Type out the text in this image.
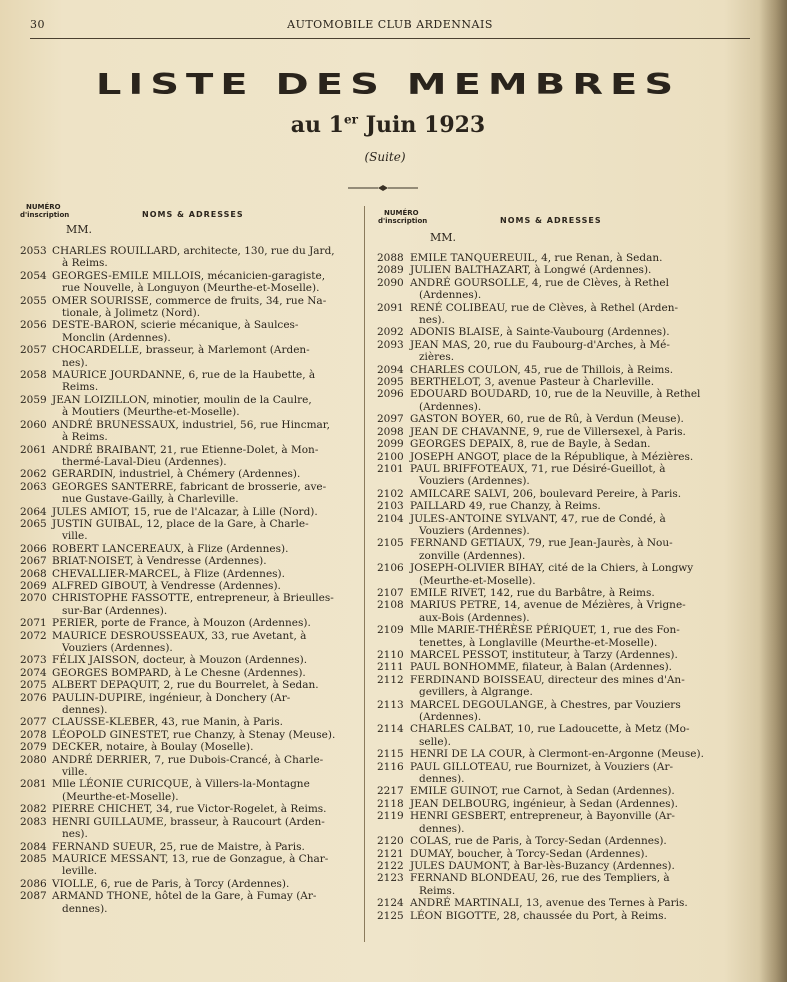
30	AUTOMOBILE CLUB ARDENNAIS
LISTE DES MEMBRES
au 1er Juin 1923
(Suite)
NUMÉRO
d'inscription	NOMS & ADRESSES
MM.
NUMÉRO
d'inscription	NOMS & ADRESSES
MM.
2053 CHARLES ROUILLARD, architecte, 130, rue du Jard,
à Reims.
2054 GEORGES-EMILE MILLOIS, mécanicien-garagiste,
rue Nouvelle, à Longuyon (Meurthe-et-Moselle).
2055 OMER SOURISSE, commerce de fruits, 34, rue Na-
tionale, à Jolimetz (Nord).
2056 DESTE-BARON, scierie mécanique, à Saulces-
Monclin (Ardennes).
2057 CHOCARDELLE, brasseur, à Marlemont (Arden-
nes).
2058 MAURICE JOURDANNE, 6, rue de la Haubette, à
Reims.
2059 JEAN LOIZILLON, minotier, moulin de la Caulre,
à Moutiers (Meurthe-et-Moselle).
2060 ANDRÉ BRUNESSAUX, industriel, 56, rue Hincmar,
à Reims.
2061 ANDRÉ BRAIBANT, 21, rue Etienne-Dolet, à Mon-
thermé-Laval-Dieu (Ardennes).
2062 GERARDIN, industriel, à Chémery (Ardennes).
2063 GEORGES SANTERRE, fabricant de brosserie, ave-
nue Gustave-Gailly, à Charleville.
2064 JULES AMIOT, 15, rue de l'Alcazar, à Lille (Nord).
2065 JUSTIN GUIBAL, 12, place de la Gare, à Charle-
ville.
2066 ROBERT LANCEREAUX, à Flize (Ardennes).
2067 BRIAT-NOISET, à Vendresse (Ardennes).
2068 CHEVALLIER-MARCEL, à Flize (Ardennes).
2069 ALFRED GIBOUT, à Vendresse (Ardennes).
2070 CHRISTOPHE FASSOTTE, entrepreneur, à Brieulles-
sur-Bar (Ardennes).
2071 PERIER, porte de France, à Mouzon (Ardennes).
2072 MAURICE DESROUSSEAUX, 33, rue Avetant, à
Vouziers (Ardennes).
2073 FÉLIX JAISSON, docteur, à Mouzon (Ardennes).
2074 GEORGES BOMPARD, à Le Chesne (Ardennes).
2075 ALBERT DEPAQUIT, 2, rue du Bourrelet, à Sedan.
2076 PAULIN-DUPIRE, ingénieur, à Donchery (Ar-
dennes).
2077 CLAUSSE-KLEBER, 43, rue Manin, à Paris.
2078 LÉOPOLD GINESTET, rue Chanzy, à Stenay (Meuse).
2079 DECKER, notaire, à Boulay (Moselle).
2080 ANDRÉ DERRIER, 7, rue Dubois-Crancé, à Charle-
ville.
2081 Mlle LÉONIE CURICQUE, à Villers-la-Montagne
(Meurthe-et-Moselle).
2082 PIERRE CHICHET, 34, rue Victor-Rogelet, à Reims.
2083 HENRI GUILLAUME, brasseur, à Raucourt (Arden-
nes).
2084 FERNAND SUEUR, 25, rue de Maistre, à Paris.
2085 MAURICE MESSANT, 13, rue de Gonzague, à Char-
leville.
2086 VIOLLE, 6, rue de Paris, à Torcy (Ardennes).
2087 ARMAND THONE, hôtel de la Gare, à Fumay (Ar-
dennes).
2088 EMILE TANQUEREUIL, 4, rue Renan, à Sedan.
2089 JULIEN BALTHAZART, à Longwé (Ardennes).
2090 ANDRÉ GOURSOLLE, 4, rue de Clèves, à Rethel
(Ardennes).
2091 RENÉ COLIBEAU, rue de Clèves, à Rethel (Arden-
nes).
2092 ADONIS BLAISE, à Sainte-Vaubourg (Ardennes).
2093 JEAN MAS, 20, rue du Faubourg-d'Arches, à Mé-
zières.
2094 CHARLES COULON, 45, rue de Thillois, à Reims.
2095 BERTHELOT, 3, avenue Pasteur à Charleville.
2096 EDOUARD BOUDARD, 10, rue de la Neuville, à Rethel
(Ardennes).
2097 GASTON BOYER, 60, rue de Rû, à Verdun (Meuse).
2098 JEAN DE CHAVANNE, 9, rue de Villersexel, à Paris.
2099 GEORGES DEPAIX, 8, rue de Bayle, à Sedan.
2100 JOSEPH ANGOT, place de la République, à Mézières.
2101 PAUL BRIFFOTEAUX, 71, rue Désiré-Gueillot, à
Vouziers (Ardennes).
2102 AMILCARE SALVI, 206, boulevard Pereire, à Paris.
2103 PAILLARD 49, rue Chanzy, à Reims.
2104 JULES-ANTOINE SYLVANT, 47, rue de Condé, à
Vouziers (Ardennes).
2105 FERNAND GETIAUX, 79, rue Jean-Jaurès, à Nou-
zonville (Ardennes).
2106 JOSEPH-OLIVIER BIHAY, cité de la Chiers, à Longwy
(Meurthe-et-Moselle).
2107 EMILE RIVET, 142, rue du Barbâtre, à Reims.
2108 MARIUS PETRE, 14, avenue de Mézières, à Vrigne-
aux-Bois (Ardennes).
2109 Mlle MARIE-THÉRÈSE PÉRIQUET, 1, rue des Fon-
tenettes, à Longlaville (Meurthe-et-Moselle).
2110 MARCEL PESSOT, instituteur, à Tarzy (Ardennes).
2111 PAUL BONHOMME, filateur, à Balan (Ardennes).
2112 FERDINAND BOISSEAU, directeur des mines d'An-
gevillers, à Algrange.
2113 MARCEL DEGOULANGE, à Chestres, par Vouziers
(Ardennes).
2114 CHARLES CALBAT, 10, rue Ladoucette, à Metz (Mo-
selle).
2115 HENRI DE LA COUR, à Clermont-en-Argonne (Meuse).
2116 PAUL GILLOTEAU, rue Bournizet, à Vouziers (Ar-
dennes).
2217 EMILE GUINOT, rue Carnot, à Sedan (Ardennes).
2118 JEAN DELBOURG, ingénieur, à Sedan (Ardennes).
2119 HENRI GESBERT, entrepreneur, à Bayonville (Ar-
dennes).
2120 COLAS, rue de Paris, à Torcy-Sedan (Ardennes).
2121 DUMAY, boucher, à Torcy-Sedan (Ardennes).
2122 JULES DAUMONT, à Bar-lès-Buzancy (Ardennes).
2123 FERNAND BLONDEAU, 26, rue des Templiers, à
Reims.
2124 ANDRÉ MARTINALI, 13, avenue des Ternes à Paris.
2125 LÉON BIGOTTE, 28, chaussée du Port, à Reims.
